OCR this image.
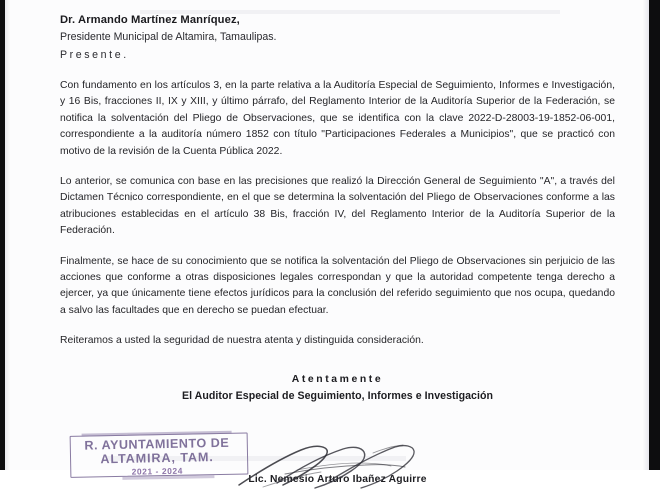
Dr. Armando Martínez Manríquez,
Presidente Municipal de Altamira, Tamaulipas.
Presente.

Con fundamento en los artículos 3, en la parte relativa a la Auditoría Especial de Seguimiento, Informes e Investigación, y 16 Bis, fracciones II, IX y XIII, y último párrafo, del Reglamento Interior de la Auditoría Superior de la Federación, se notifica la solventación del Pliego de Observaciones, que se identifica con la clave 2022-D-28003-19-1852-06-001, correspondiente a la auditoría número 1852 con título "Participaciones Federales a Municipios", que se practicó con motivo de la revisión de la Cuenta Pública 2022.

Lo anterior, se comunica con base en las precisiones que realizó la Dirección General de Seguimiento "A", a través del Dictamen Técnico correspondiente, en el que se determina la solventación del Pliego de Observaciones conforme a las atribuciones establecidas en el artículo 38 Bis, fracción IV, del Reglamento Interior de la Auditoría Superior de la Federación.

Finalmente, se hace de su conocimiento que se notifica la solventación del Pliego de Observaciones sin perjuicio de las acciones que conforme a otras disposiciones legales correspondan y que la autoridad competente tenga derecho a ejercer, ya que únicamente tiene efectos jurídicos para la conclusión del referido seguimiento que nos ocupa, quedando a salvo las facultades que en derecho se puedan efectuar.

Reiteramos a usted la seguridad de nuestra atenta y distinguida consideración.

Atentamente
El Auditor Especial de Seguimiento, Informes e Investigación
Lic. Nemesio Arturo Ibañez Aguirre
R. AYUNTAMIENTO DE
ALTAMIRA, TAM.
2021 - 2024
